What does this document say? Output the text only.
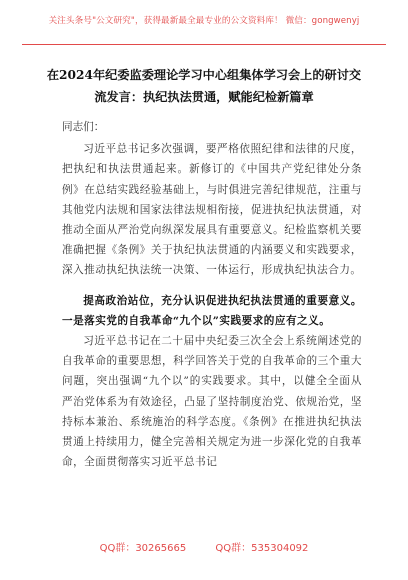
关注头条号"公文研究"，获得最新最全最专业的公文资料库！ 微信：gongwenyj
在2024年纪委监委理论学习中心组集体学习会上的研讨交流发言：执纪执法贯通，赋能纪检新篇章

同志们：

习近平总书记多次强调，要严格依照纪律和法律的尺度，把执纪和执法贯通起来。新修订的《中国共产党纪律处分条例》在总结实践经验基础上，与时俱进完善纪律规范，注重与其他党内法规和国家法律法规相衔接，促进执纪执法贯通，对推动全面从严治党向纵深发展具有重要意义。纪检监察机关要准确把握《条例》关于执纪执法贯通的内涵要义和实践要求，深入推动执纪执法统一决策、一体运行，形成执纪执法合力。

提高政治站位，充分认识促进执纪执法贯通的重要意义。一是落实党的自我革命“九个以”实践要求的应有之义。

习近平总书记在二十届中央纪委三次全会上系统阐述党的自我革命的重要思想，科学回答关于党的自我革命的三个重大问题，突出强调“九个以”的实践要求。其中，以健全全面从严治党体系为有效途径，凸显了坚持制度治党、依规治党，坚持标本兼治、系统施治的科学态度。《条例》在推进执纪执法贯通上持续用力，健全完善相关规定为进一步深化党的自我革命，全面贯彻落实习近平总书记

QQ群：30265665	QQ群：535304092
